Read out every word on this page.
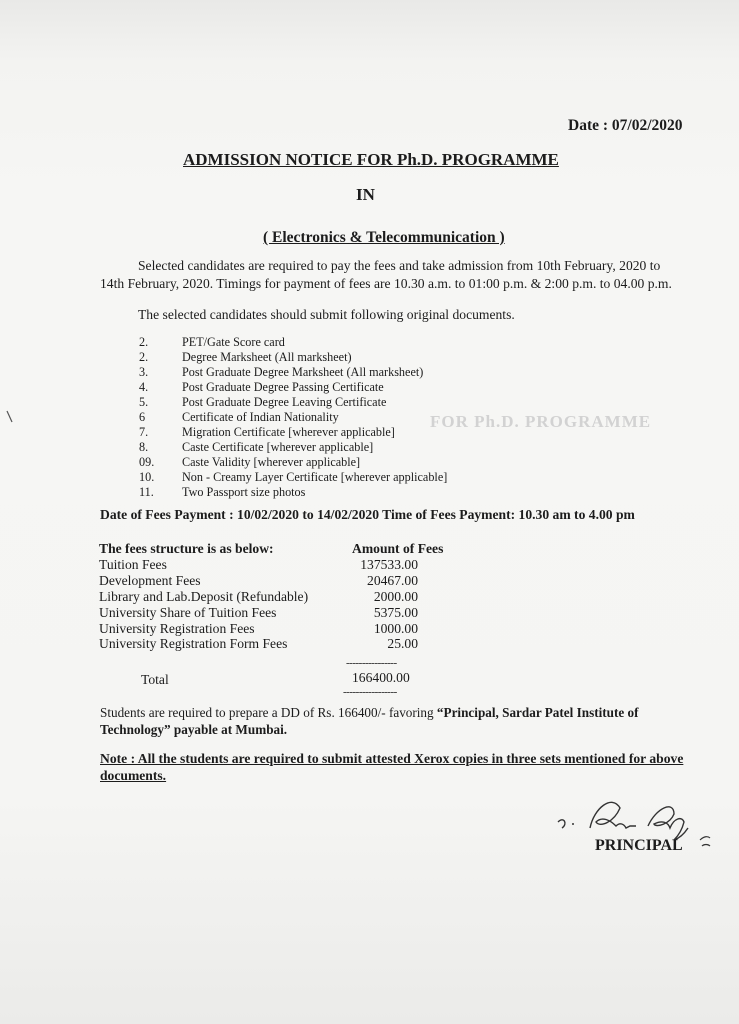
FOR Ph.D. PROGRAMME
Date : 07/02/2020
ADMISSION NOTICE FOR Ph.D. PROGRAMME
IN
( Electronics & Telecommunication )
Selected candidates are required to pay the fees and take admission from 10th February, 2020 to
14th February, 2020. Timings for payment of fees are 10.30 a.m. to 01:00 p.m. & 2:00 p.m. to 04.00 p.m.
The selected candidates should submit following original documents.
2.	PET/Gate Score card
2.	Degree Marksheet (All marksheet)
3.	Post Graduate Degree Marksheet (All marksheet)
4.	Post Graduate Degree Passing Certificate
5.	Post Graduate Degree Leaving Certificate
6	Certificate of Indian Nationality
7.	Migration Certificate [wherever applicable]
8.	Caste Certificate [wherever applicable]
09.	Caste Validity [wherever applicable]
10.	Non - Creamy Layer Certificate [wherever applicable]
11.	Two Passport size photos
Date of Fees Payment : 10/02/2020 to 14/02/2020 Time of Fees Payment: 10.30 am to 4.00 pm
The fees structure is as below:	Amount of Fees
Tuition Fees	137533.00
Development Fees	20467.00
Library and Lab.Deposit (Refundable)	2000.00
University Share of Tuition Fees	5375.00
University Registration Fees	1000.00
University Registration Form Fees	25.00
----------------
Total	166400.00
-----------------
Students are required to prepare a DD of Rs. 166400/- favoring “Principal, Sardar Patel Institute of Technology” payable at Mumbai.
Note : All the students are required to submit attested Xerox copies in three sets mentioned for above documents.
PRINCIPAL
